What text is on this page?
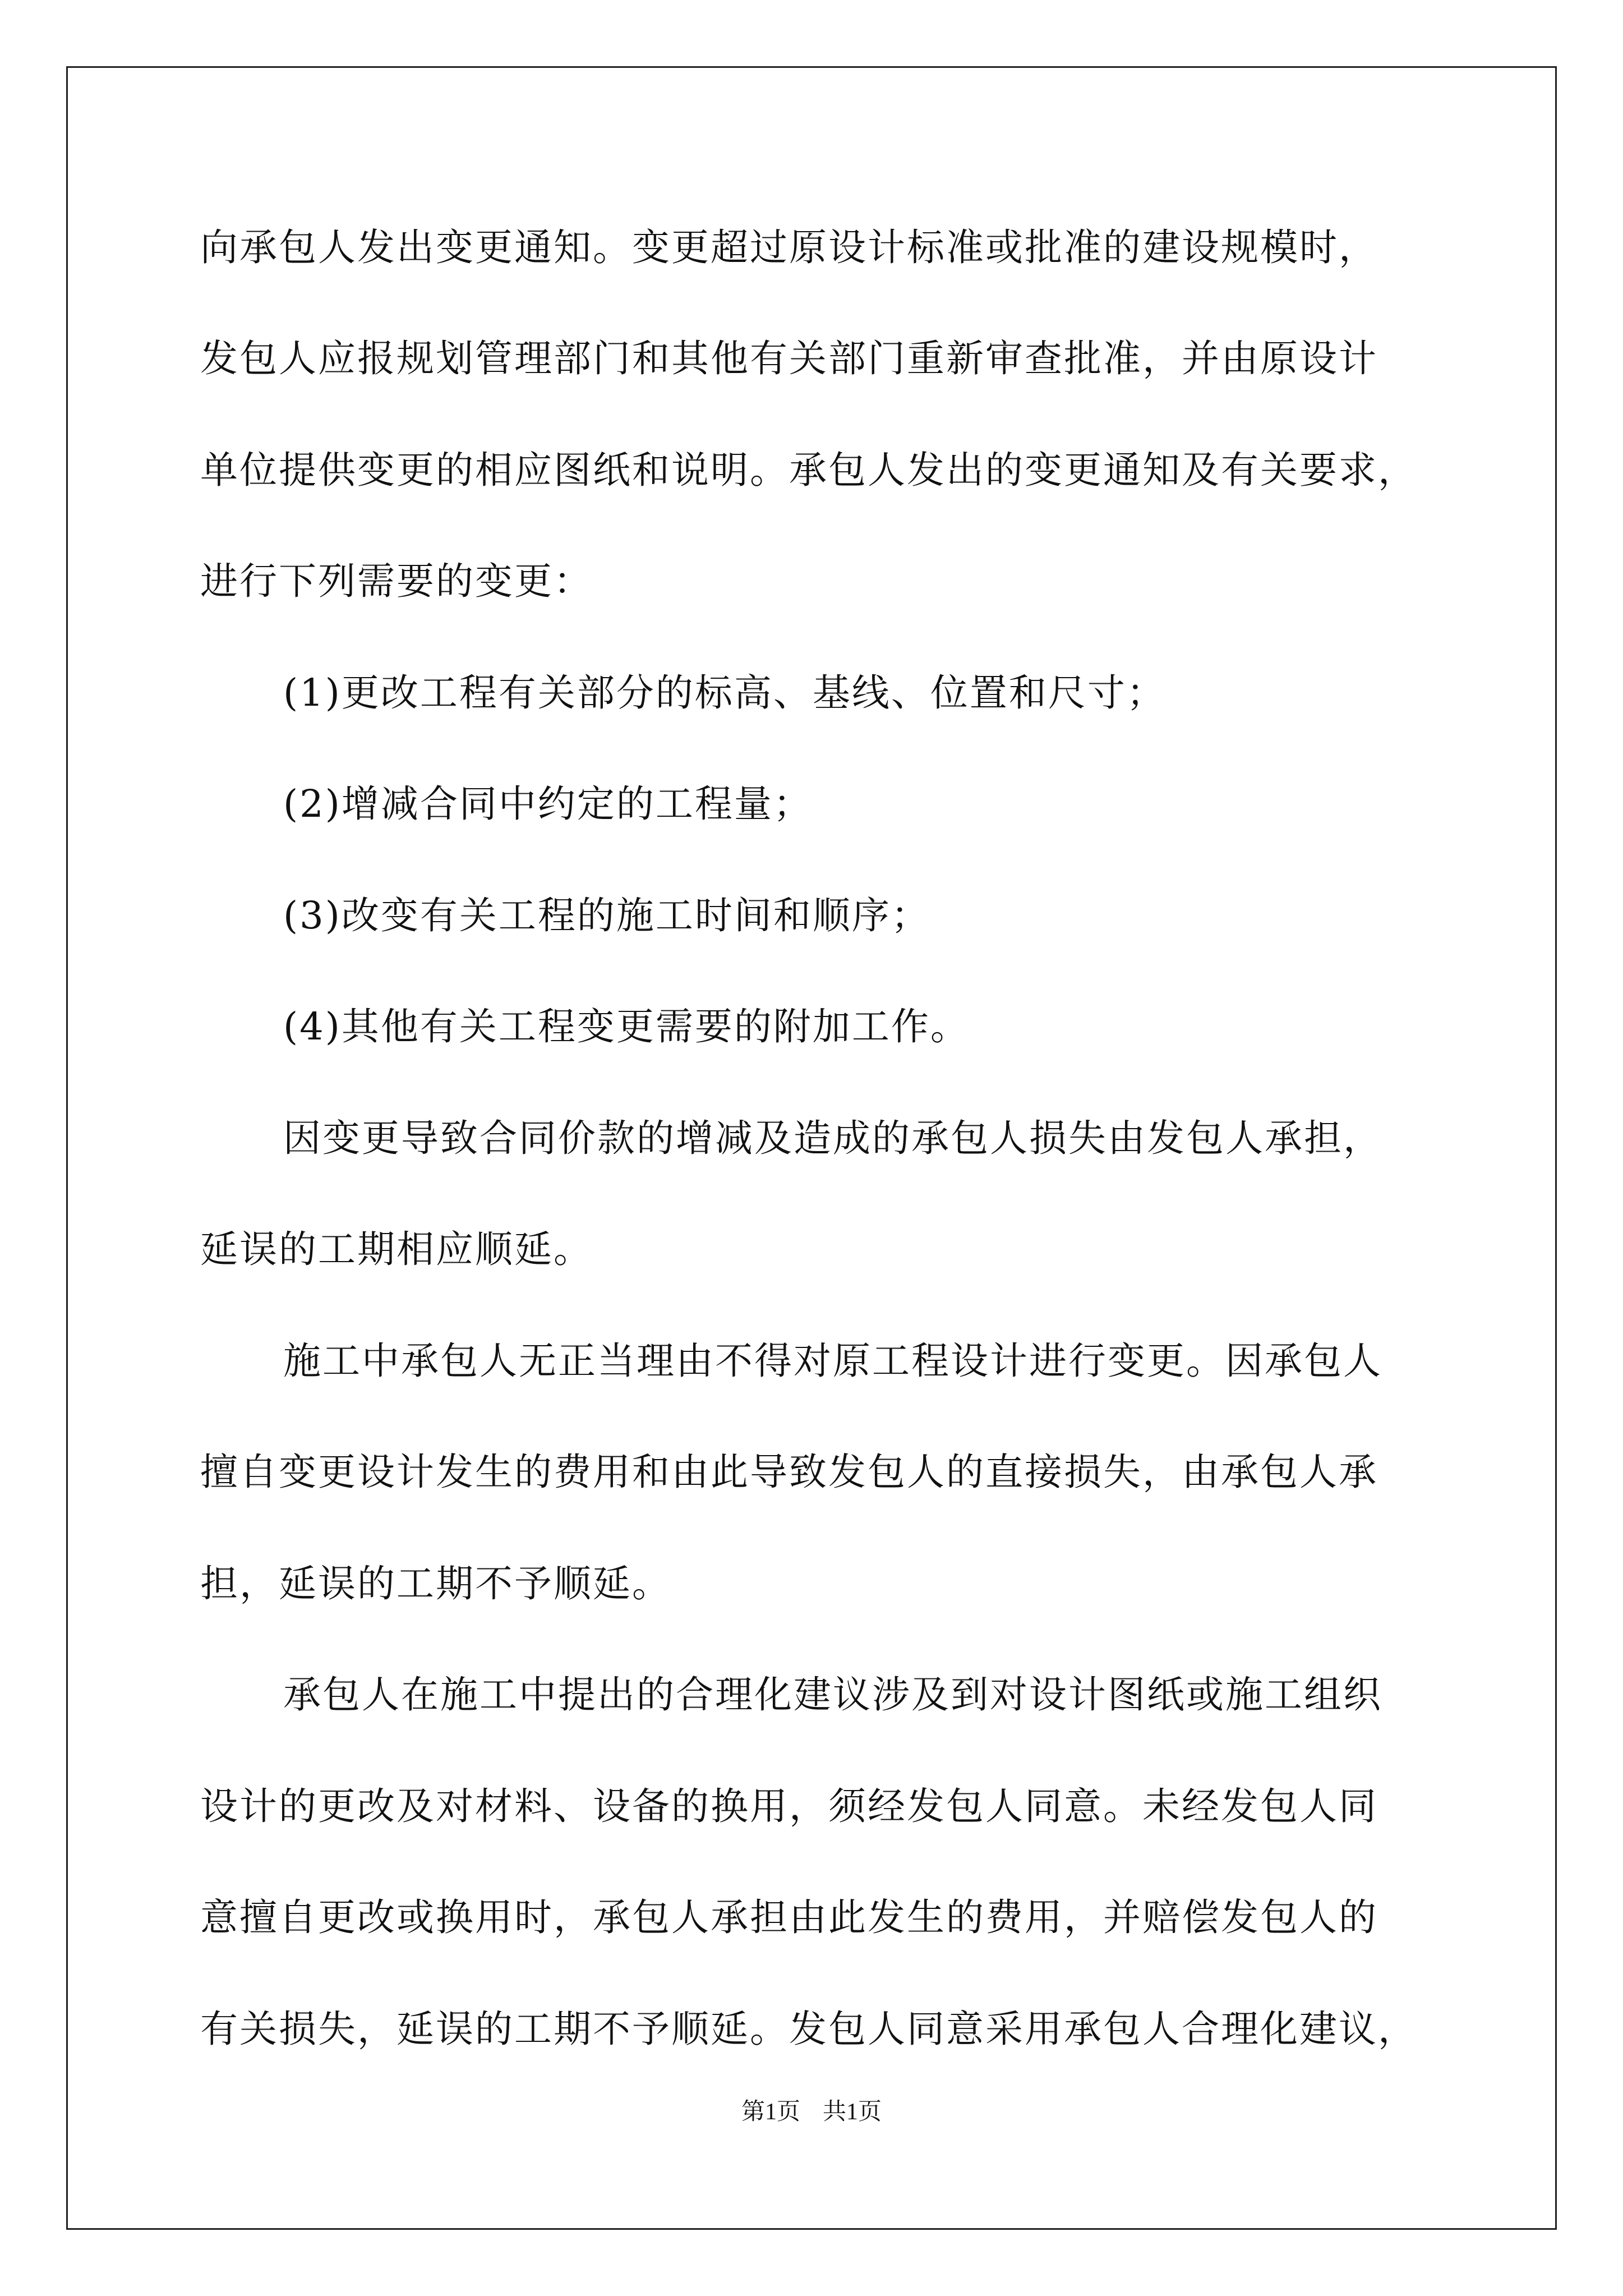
向承包人发出变更通知。变更超过原设计标准或批准的建设规模时，
发包人应报规划管理部门和其他有关部门重新审查批准，并由原设计
单位提供变更的相应图纸和说明。承包人发出的变更通知及有关要求，
进行下列需要的变更：
(1)更改工程有关部分的标高、基线、位置和尺寸；
(2)增减合同中约定的工程量；
(3)改变有关工程的施工时间和顺序；
(4)其他有关工程变更需要的附加工作。
因变更导致合同价款的增减及造成的承包人损失由发包人承担，
延误的工期相应顺延。
施工中承包人无正当理由不得对原工程设计进行变更。因承包人
擅自变更设计发生的费用和由此导致发包人的直接损失，由承包人承
担，延误的工期不予顺延。
承包人在施工中提出的合理化建议涉及到对设计图纸或施工组织
设计的更改及对材料、设备的换用，须经发包人同意。未经发包人同
意擅自更改或换用时，承包人承担由此发生的费用，并赔偿发包人的
有关损失，延误的工期不予顺延。发包人同意采用承包人合理化建议，
第1页 共1页
